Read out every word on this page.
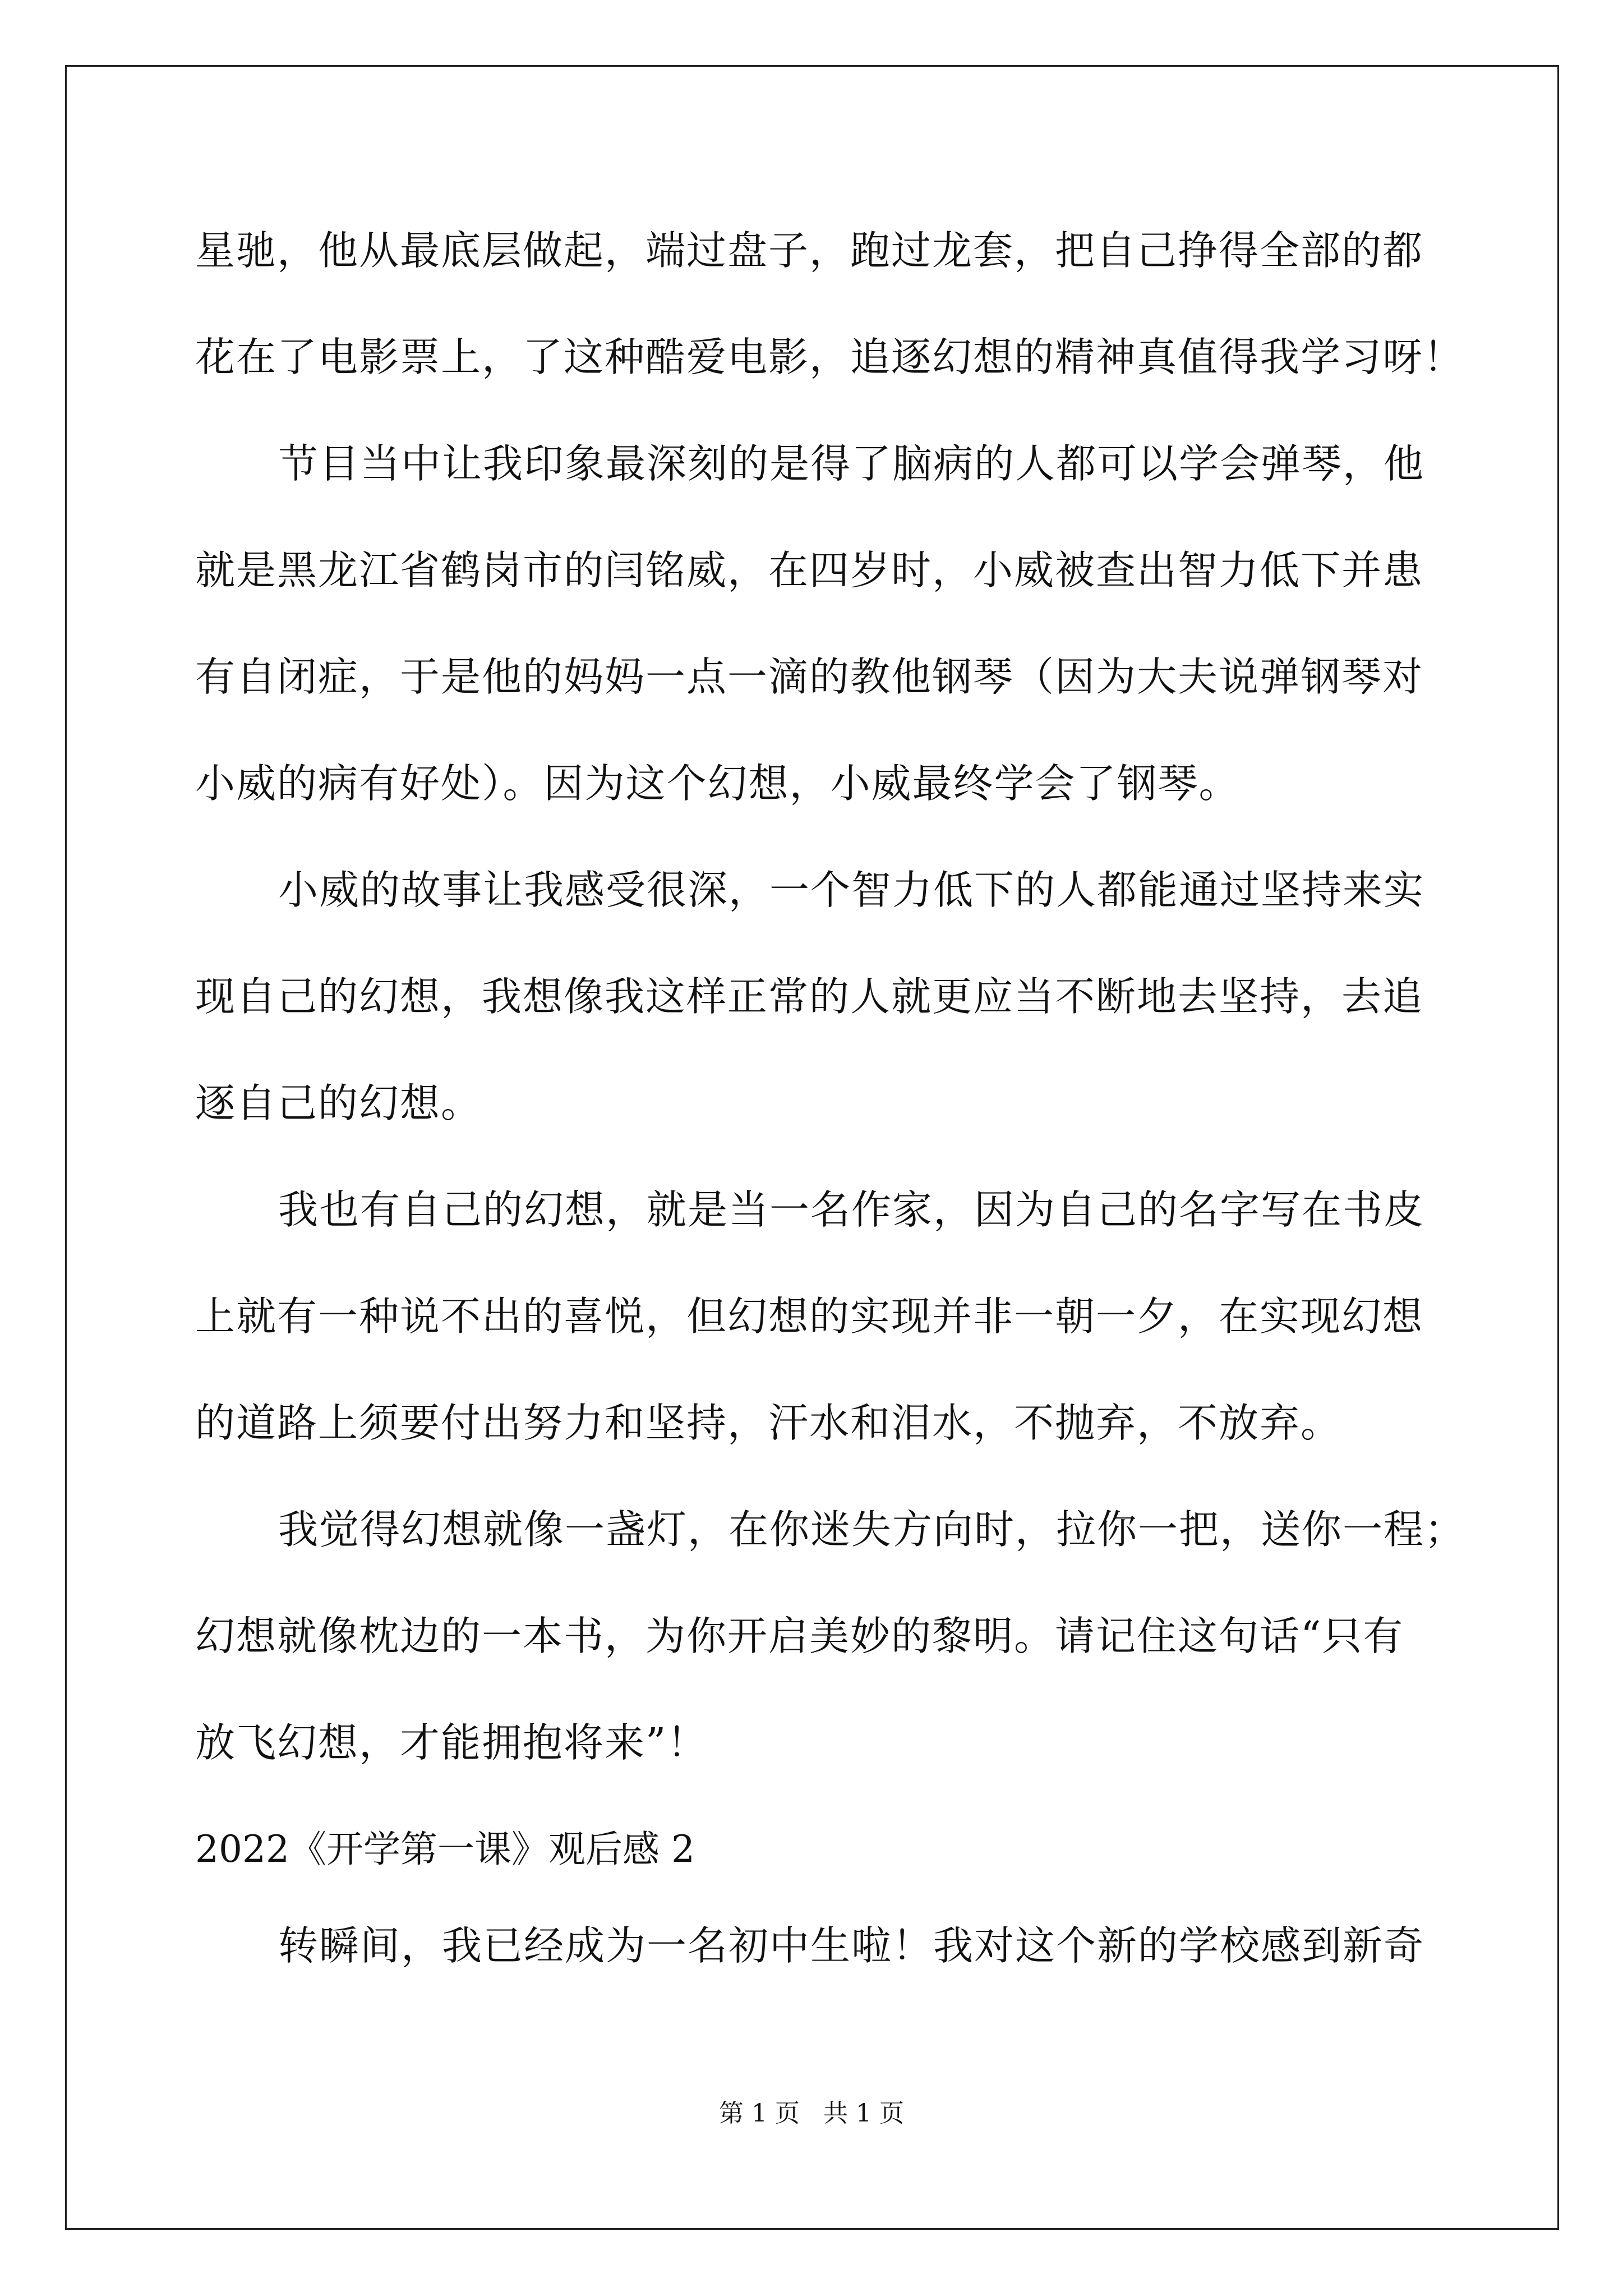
星驰，他从最底层做起，端过盘子，跑过龙套，把自己挣得全部的都
花在了电影票上，了这种酷爱电影，追逐幻想的精神真值得我学习呀！
节目当中让我印象最深刻的是得了脑病的人都可以学会弹琴，他
就是黑龙江省鹤岗市的闫铭威，在四岁时，小威被查出智力低下并患
有自闭症，于是他的妈妈一点一滴的教他钢琴（因为大夫说弹钢琴对
小威的病有好处）。因为这个幻想，小威最终学会了钢琴。
小威的故事让我感受很深，一个智力低下的人都能通过坚持来实
现自己的幻想，我想像我这样正常的人就更应当不断地去坚持，去追
逐自己的幻想。
我也有自己的幻想，就是当一名作家，因为自己的名字写在书皮
上就有一种说不出的喜悦，但幻想的实现并非一朝一夕，在实现幻想
的道路上须要付出努力和坚持，汗水和泪水，不抛弃，不放弃。
我觉得幻想就像一盏灯，在你迷失方向时，拉你一把，送你一程；
幻想就像枕边的一本书，为你开启美妙的黎明。请记住这句话“只有
放飞幻想，才能拥抱将来”！
2022《开学第一课》观后感 2
转瞬间，我已经成为一名初中生啦！我对这个新的学校感到新奇
第 1 页 共 1 页
